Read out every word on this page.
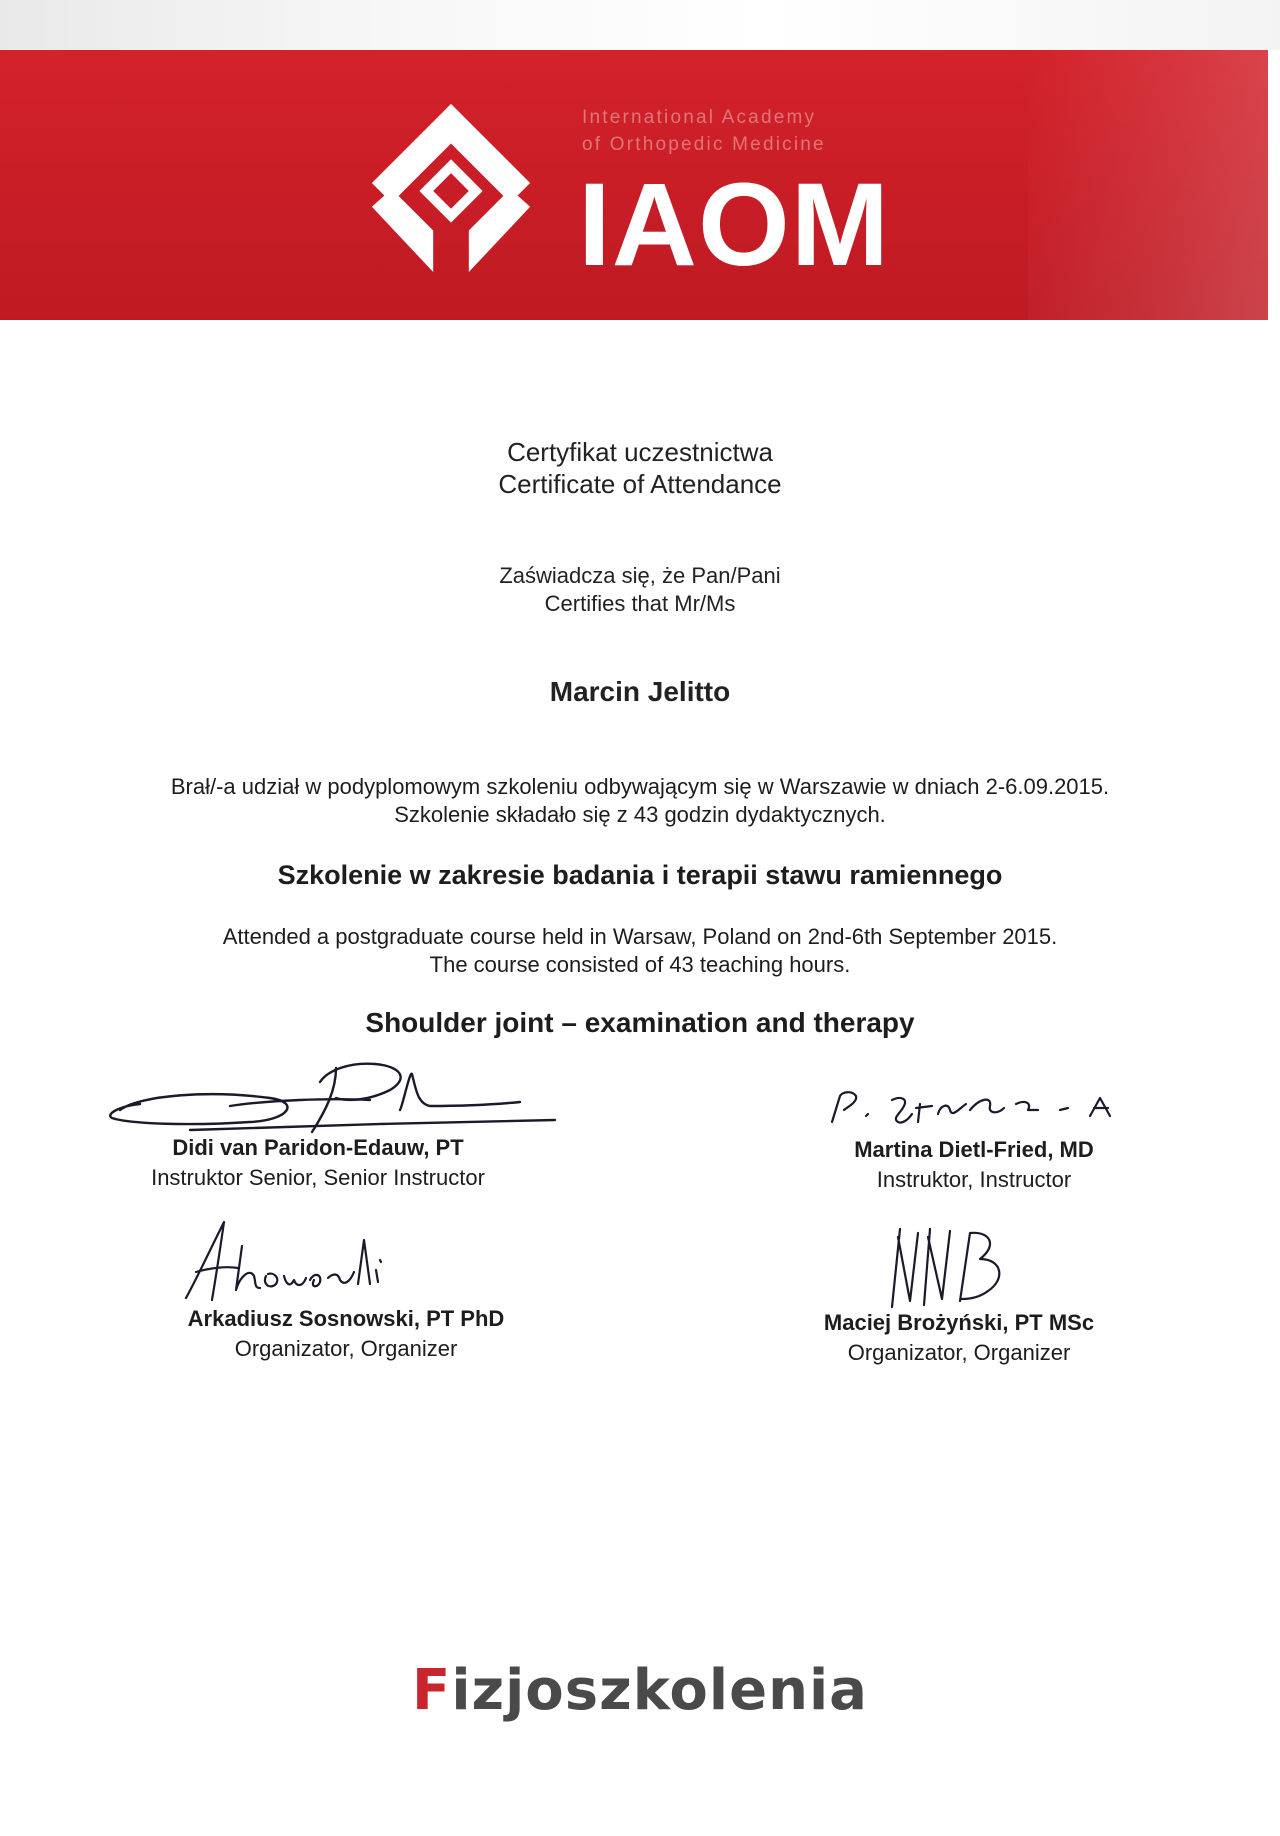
International Academy
of Orthopedic Medicine
IAOM
Certyfikat uczestnictwa
Certificate of Attendance
Zaświadcza się, że Pan/Pani
Certifies that Mr/Ms
Marcin Jelitto
Brał/-a udział w podyplomowym szkoleniu odbywającym się w Warszawie w dniach 2-6.09.2015.
Szkolenie składało się z 43 godzin dydaktycznych.
Szkolenie w zakresie badania i terapii stawu ramiennego
Attended a postgraduate course held in Warsaw, Poland on 2nd-6th September 2015.
The course consisted of 43 teaching hours.
Shoulder joint – examination and therapy
Didi van Paridon-Edauw, PT
Instruktor Senior, Senior Instructor
Martina Dietl-Fried, MD
Instruktor, Instructor
Arkadiusz Sosnowski, PT PhD
Organizator, Organizer
Maciej Brożyński, PT MSc
Organizator, Organizer
Fizjoszkolenia
